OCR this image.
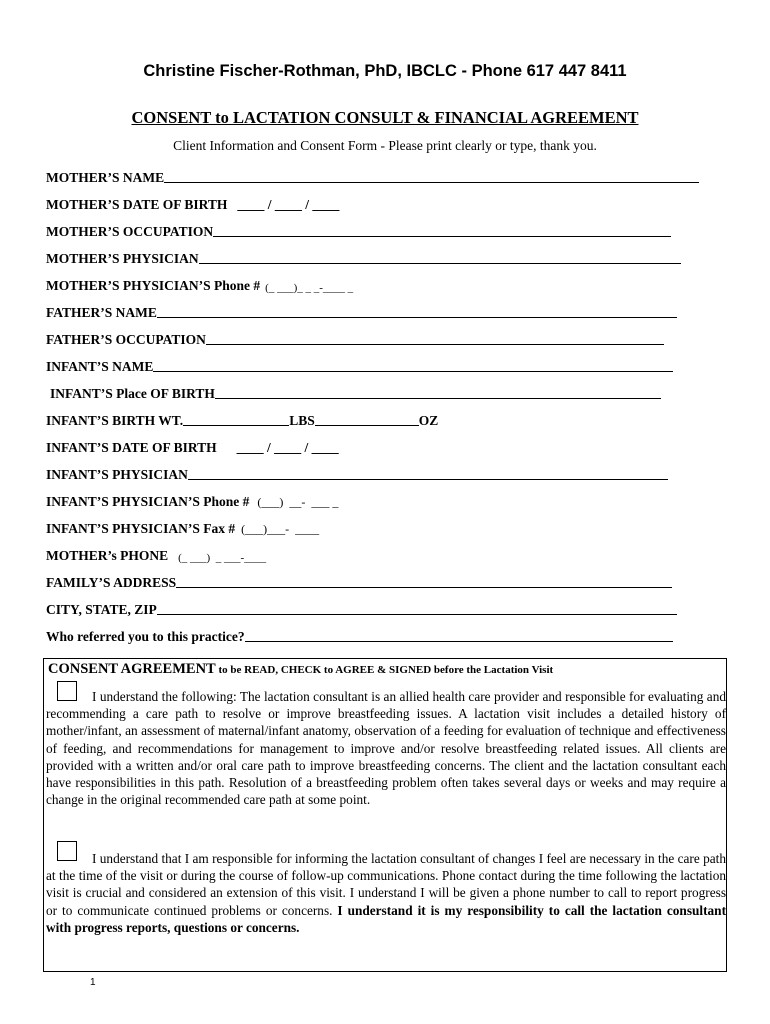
Christine Fischer-Rothman, PhD, IBCLC - Phone 617 447 8411
CONSENT to LACTATION CONSULT & FINANCIAL AGREEMENT
Client Information and Consent Form - Please print clearly or type, thank you.
MOTHER’S NAME
MOTHER’S DATE OF BIRTH ____ / ____ / ____
MOTHER’S OCCUPATION
MOTHER’S PHYSICIAN
MOTHER’S PHYSICIAN’S Phone # (_ ___)_ _ _-____ _
FATHER’S NAME
FATHER’S OCCUPATION
INFANT’S NAME
INFANT’S Place OF BIRTH
INFANT’S BIRTH WT.	LBS	OZ
INFANT’S DATE OF BIRTH ____ / ____ / ____
INFANT’S PHYSICIAN
INFANT’S PHYSICIAN’S Phone # (___)  __-  ___ _
INFANT’S PHYSICIAN’S Fax # (___)___-  ____
MOTHER’s PHONE (_ ___)  _ ___-____
FAMILY’S ADDRESS
CITY, STATE, ZIP
Who referred you to this practice?
CONSENT AGREEMENT to be READ, CHECK to AGREE & SIGNED before the Lactation Visit
I understand the following: The lactation consultant is an allied health care provider and responsible for evaluating and recommending a care path to resolve or improve breastfeeding issues. A lactation visit includes a detailed history of mother/infant, an assessment of maternal/infant anatomy, observation of a feeding for evaluation of technique and effectiveness of feeding, and recommendations for management to improve and/or resolve breastfeeding related issues. All clients are provided with a written and/or oral care path to improve breastfeeding concerns. The client and the lactation consultant each have responsibilities in this path. Resolution of a breastfeeding problem often takes several days or weeks and may require a change in the original recommended care path at some point.
I understand that I am responsible for informing the lactation consultant of changes I feel are necessary in the care path at the time of the visit or during the course of follow-up communications. Phone contact during the time following the lactation visit is crucial and considered an extension of this visit. I understand I will be given a phone number to call to report progress or to communicate continued problems or concerns. I understand it is my responsibility to call the lactation consultant with progress reports, questions or concerns.
1
